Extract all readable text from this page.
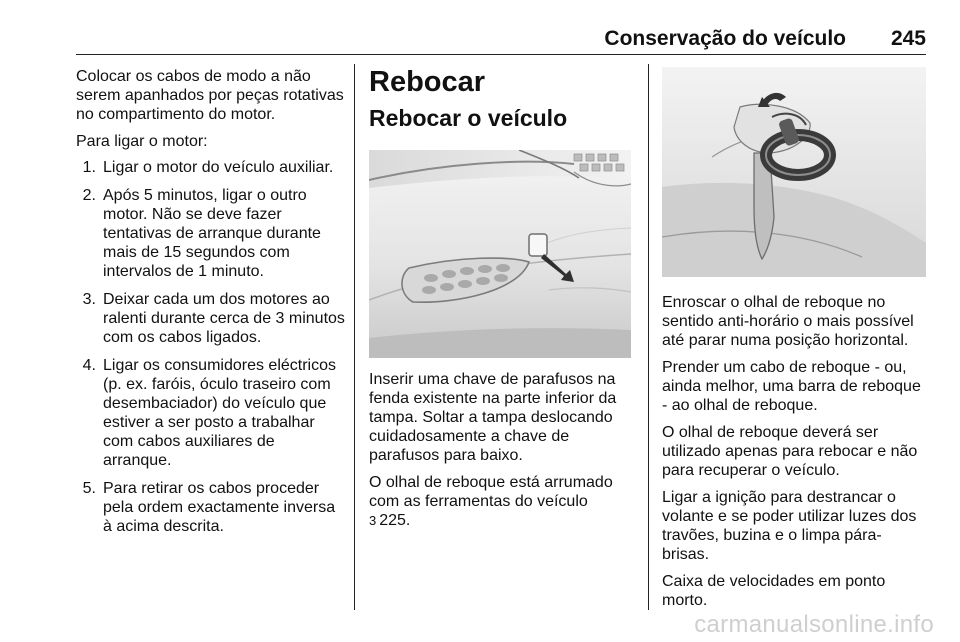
Conservação do veículo	245

Colocar os cabos de modo a não serem apanhados por peças rotativas no compartimento do motor.

Para ligar o motor:

1. Ligar o motor do veículo auxiliar.
2. Após 5 minutos, ligar o outro motor. Não se deve fazer tentativas de arranque durante mais de 15 segundos com intervalos de 1 minuto.
3. Deixar cada um dos motores ao ralenti durante cerca de 3 minutos com os cabos ligados.
4. Ligar os consumidores eléctricos (p. ex. faróis, óculo traseiro com desembaciador) do veículo que estiver a ser posto a trabalhar com cabos auxiliares de arranque.
5. Para retirar os cabos proceder pela ordem exactamente inversa à acima descrita.
Rebocar
Rebocar o veículo

Inserir uma chave de parafusos na fenda existente na parte inferior da tampa. Soltar a tampa deslocando cuidadosamente a chave de parafusos para baixo.

O olhal de reboque está arrumado com as ferramentas do veículo
3 225.

Enroscar o olhal de reboque no sentido anti-horário o mais possível até parar numa posição horizontal.

Prender um cabo de reboque - ou, ainda melhor, uma barra de reboque - ao olhal de reboque.

O olhal de reboque deverá ser utilizado apenas para rebocar e não para recuperar o veículo.

Ligar a ignição para destrancar o volante e se poder utilizar luzes dos travões, buzina e o limpa pára-brisas.

Caixa de velocidades em ponto morto.

carmanualsonline.info
